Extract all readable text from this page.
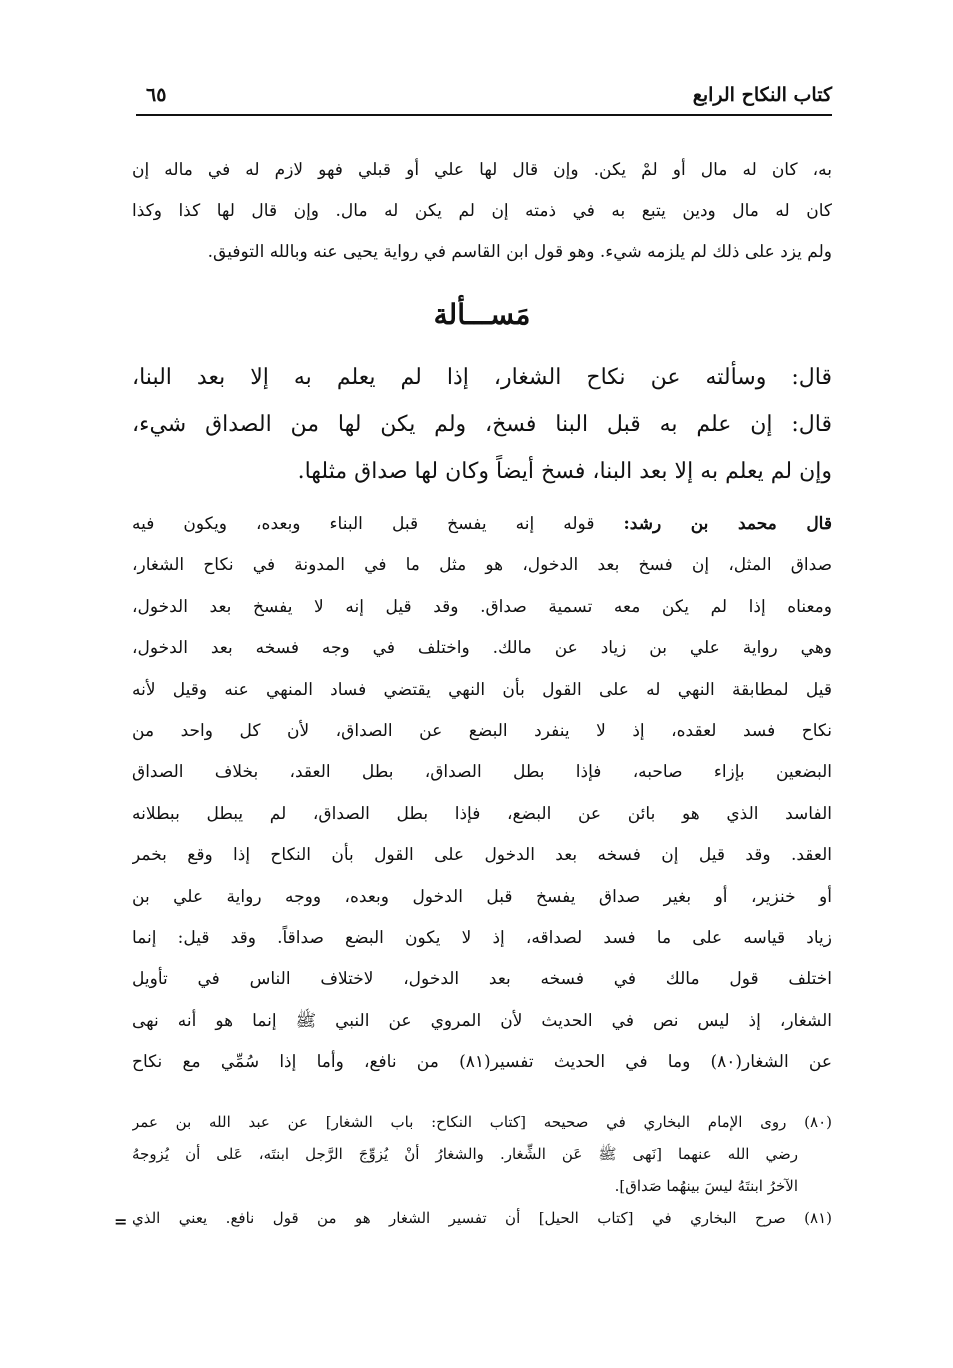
كتاب النكاح الرابع
٦٥
به، كان له مال أو لمْ يكن. وإن قال لها علي أو قبلي فهو لازم له في ماله إن
كان له مال ودين يتبع به في ذمته إن لم يكن له مال. وإن قال لها كذا وكذا
ولم يزد على ذلك لم يلزمه شيء. وهو قول ابن القاسم في رواية يحيى عنه وبالله التوفيق.
مَســـألة
قال: وسألته عن نكاح الشغار، إذا لم يعلم به إلا بعد البنا،
قال: إن علم به قبل البنا فسخ، ولم يكن لها من الصداق شيء،
وإن لم يعلم به إلا بعد البنا، فسخ أيضاً وكان لها صداق مثلها.
قال محمد بن رشد: قوله إنه يفسخ قبل البناء وبعده، ويكون فيه
صداق المثل، إن فسخ بعد الدخول، هو مثل ما في المدونة في نكاح الشغار،
ومعناه إذا لم يكن معه تسمية صداق. وقد قيل إنه لا يفسخ بعد الدخول،
وهي رواية علي بن زياد عن مالك. واختلف في وجه فسخه بعد الدخول،
قيل لمطابقة النهي له على القول بأن النهي يقتضي فساد المنهي عنه وقيل لأنه
نكاح فسد لعقده، إذ لا ينفرد البضع عن الصداق، لأن كل واحد من
البضعين بإزاء صاحبه، فإذا بطل الصداق، بطل العقد، بخلاف الصداق
الفاسد الذي هو بائن عن البضع، فإذا بطل الصداق، لم يبطل ببطلانه
العقد. وقد قيل إن فسخه بعد الدخول على القول بأن النكاح إذا وقع بخمر
أو خنزير، أو بغير صداق يفسخ قبل الدخول وبعده، ووجه رواية علي بن
زياد قياسه على ما فسد لصداقه، إذ لا يكون البضع صداقاً. وقد قيل: إنما
اختلف قول مالك في فسخه بعد الدخول، لاختلاف الناس في تأويل
الشغار، إذ ليس نص في الحديث لأن المروي عن النبي ﷺ إنما هو أنه نهى
عن الشغار(٨٠) وما في الحديث تفسير(٨١) من نافع، وأما إذا سُمِّي مع نكاح
(٨٠) روى الإمام البخاري في صحيحه [كتاب النكاح: باب الشغار] عن عبد الله بن عمر
رضي الله عنهما [نَهى ﷺ عَن الشِّغار. والشغارُ أنْ يُزوِّجَ الرَّجل ابنتَه، عَلى أن يُزوجهُ
الآخرُ ابنتَهُ ليسَ بينهُما صَداق].
(٨١) صرح البخاري في [كتاب الحيل] أن تفسير الشغار هو من قول نافع. يعني الذي
=
